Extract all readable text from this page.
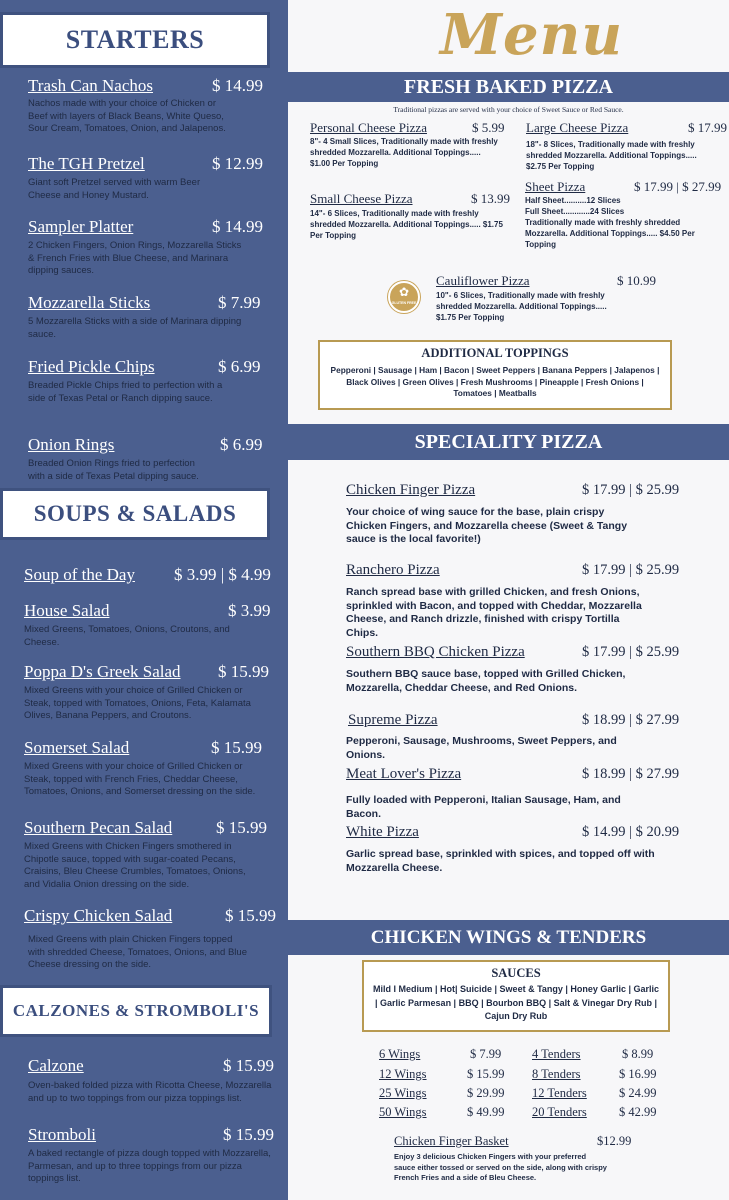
STARTERS
Trash Can Nachos	$ 14.99
Nachos made with your choice of Chicken or Beef with layers of Black Beans, White Queso, Sour Cream, Tomatoes, Onion, and Jalapenos.
The TGH Pretzel	$ 12.99
Giant soft Pretzel served with warm Beer Cheese and Honey Mustard.
Sampler Platter	$ 14.99
2 Chicken Fingers, Onion Rings, Mozzarella Sticks & French Fries with Blue Cheese, and Marinara dipping sauces.
Mozzarella Sticks	$ 7.99
5 Mozzarella Sticks with a side of Marinara dipping sauce.
Fried Pickle Chips	$ 6.99
Breaded Pickle Chips fried to perfection with a side of Texas Petal or Ranch dipping sauce.
Onion Rings	$ 6.99
Breaded Onion Rings fried to perfection with a side of Texas Petal dipping sauce.
SOUPS & SALADS
Soup of the Day $ 3.99 | $ 4.99
House Salad	$ 3.99
Mixed Greens, Tomatoes, Onions, Croutons, and Cheese.
Poppa D's Greek Salad $ 15.99
Mixed Greens with your choice of Grilled Chicken or Steak, topped with Tomatoes, Onions, Feta, Kalamata Olives, Banana Peppers, and Croutons.
Somerset Salad	$ 15.99
Mixed Greens with your choice of Grilled Chicken or Steak, topped with French Fries, Cheddar Cheese, Tomatoes, Onions, and Somerset dressing on the side.
Southern Pecan Salad	$ 15.99
Mixed Greens with Chicken Fingers smothered in Chipotle sauce, topped with sugar-coated Pecans, Craisins, Bleu Cheese Crumbles, Tomatoes, Onions, and Vidalia Onion dressing on the side.
Crispy Chicken Salad	$ 15.99
Mixed Greens with plain Chicken Fingers topped with shredded Cheese, Tomatoes, Onions, and Blue Cheese dressing on the side.
CALZONES & STROMBOLI'S
Calzone	$ 15.99
Oven-baked folded pizza with Ricotta Cheese, Mozzarella and up to two toppings from our pizza toppings list.
Stromboli	$ 15.99
A baked rectangle of pizza dough topped with Mozzarella, Parmesan, and up to three toppings from our pizza toppings list.
Menu
FRESH BAKED PIZZA
Traditional pizzas are served with your choice of Sweet Sauce or Red Sauce.
Personal Cheese Pizza	$ 5.99
8"- 4 Small Slices, Traditionally made with freshly shredded Mozzarella. Additional Toppings..... $1.00 Per Topping
Large Cheese Pizza	$ 17.99
18"- 8 Slices, Traditionally made with freshly shredded Mozzarella. Additional Toppings..... $2.75 Per Topping
Small Cheese Pizza	$ 13.99
14"- 6 Slices, Traditionally made with freshly shredded Mozzarella. Additional Toppings..... $1.75 Per Topping
Sheet Pizza	$ 17.99 | $ 27.99
Half Sheet..........12 Slices
Full Sheet............24 Slices
Traditionally made with freshly shredded Mozzarella. Additional Toppings..... $4.50 Per Topping
✿
GLUTEN FREE
Cauliflower Pizza	$ 10.99
10"- 6 Slices, Traditionally made with freshly shredded Mozzarella. Additional Toppings..... $1.75 Per Topping
ADDITIONAL TOPPINGS
Pepperoni | Sausage | Ham | Bacon | Sweet Peppers | Banana Peppers | Jalapenos | Black Olives | Green Olives | Fresh Mushrooms | Pineapple | Fresh Onions | Tomatoes | Meatballs
SPECIALITY PIZZA
Chicken Finger Pizza	$ 17.99 | $ 25.99
Your choice of wing sauce for the base, plain crispy Chicken Fingers, and Mozzarella cheese (Sweet & Tangy sauce is the local favorite!)
Ranchero Pizza	$ 17.99 | $ 25.99
Ranch spread base with grilled Chicken, and fresh Onions, sprinkled with Bacon, and topped with Cheddar, Mozzarella Cheese, and Ranch drizzle, finished with crispy Tortilla Chips.
Southern BBQ Chicken Pizza	$ 17.99 | $ 25.99
Southern BBQ sauce base, topped with Grilled Chicken, Mozzarella, Cheddar Cheese, and Red Onions.
Supreme Pizza	$ 18.99 | $ 27.99
Pepperoni, Sausage, Mushrooms, Sweet Peppers, and Onions.
Meat Lover's Pizza	$ 18.99 | $ 27.99
Fully loaded with Pepperoni, Italian Sausage, Ham, and Bacon.
White Pizza	$ 14.99 | $ 20.99
Garlic spread base, sprinkled with spices, and topped off with Mozzarella Cheese.
CHICKEN WINGS & TENDERS
SAUCES
Mild I Medium | Hot| Suicide | Sweet & Tangy | Honey Garlic | Garlic | Garlic Parmesan | BBQ | Bourbon BBQ | Salt & Vinegar Dry Rub | Cajun Dry Rub
6 Wings	$ 7.99
12 Wings	$ 15.99
25 Wings	$ 29.99
50 Wings	$ 49.99
4 Tenders	$ 8.99
8 Tenders	$ 16.99
12 Tenders	$ 24.99
20 Tenders	$ 42.99
Chicken Finger Basket	$12.99
Enjoy 3 delicious Chicken Fingers with your preferred sauce either tossed or served on the side, along with crispy French Fries and a side of Bleu Cheese.
